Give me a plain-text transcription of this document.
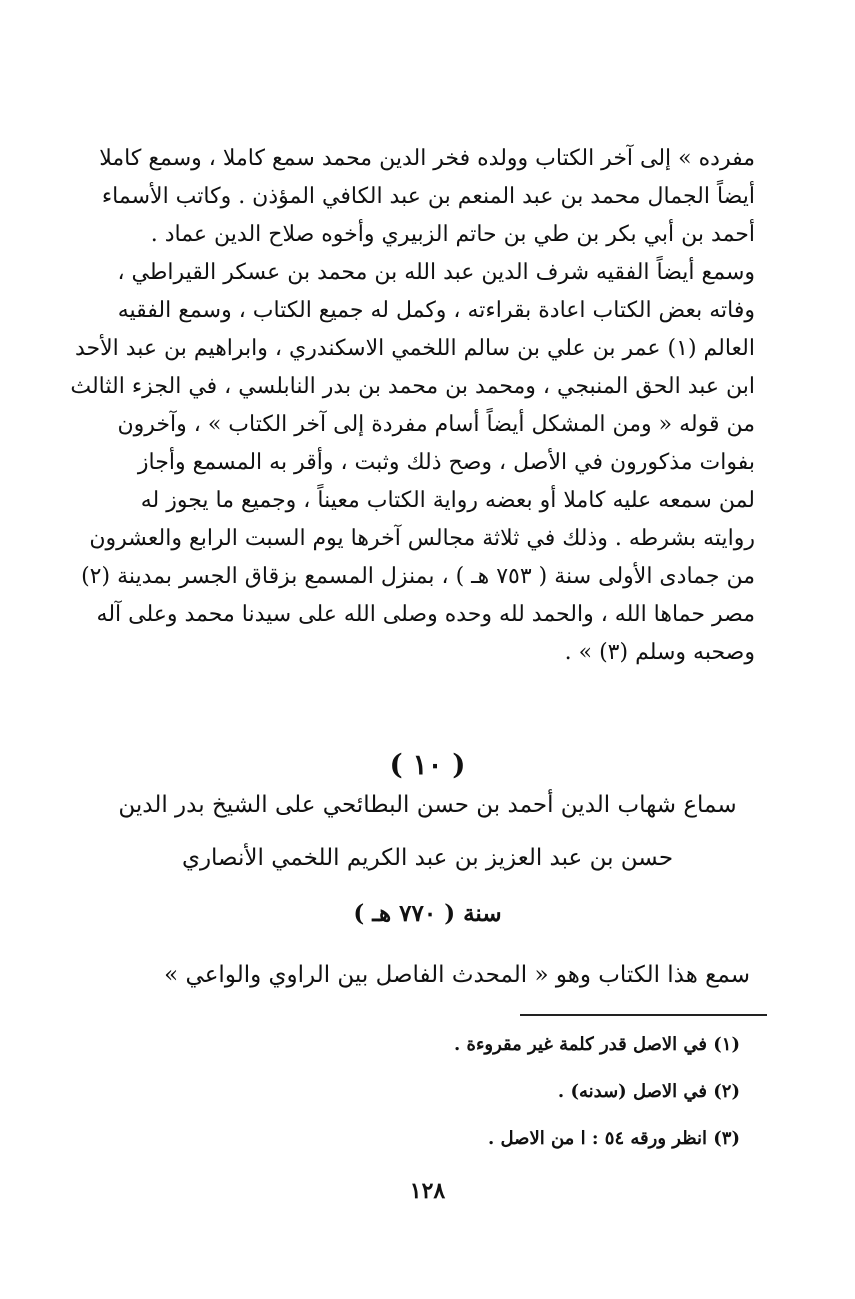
مفرده » إلى آخر الكتاب وولده فخر الدين محمد سمع كاملا ، وسمع كاملا
أيضاً الجمال محمد بن عبد المنعم بن عبد الكافي المؤذن . وكاتب الأسماء
أحمد بن أبي بكر بن طي بن حاتم الزبيري وأخوه صلاح الدين عماد .
وسمع أيضاً الفقيه شرف الدين عبد الله بن محمد بن عسكر القيراطي ،
وفاته بعض الكتاب اعادة بقراءته ، وكمل له جميع الكتاب ، وسمع الفقيه
العالم (١) عمر بن علي بن سالم اللخمي الاسكندري ، وابراهيم بن عبد الأحد
ابن عبد الحق المنبجي ، ومحمد بن محمد بن بدر النابلسي ، في الجزء الثالث
من قوله « ومن المشكل أيضاً أسام مفردة إلى آخر الكتاب » ، وآخرون
بفوات مذكورون في الأصل ، وصح ذلك وثبت ، وأقر به المسمع وأجاز
لمن سمعه عليه كاملا أو بعضه رواية الكتاب معيناً ، وجميع ما يجوز له
روايته بشرطه . وذلك في ثلاثة مجالس آخرها يوم السبت الرابع والعشرون
من جمادى الأولى سنة ( ٧٥٣ هـ ) ، بمنزل المسمع بزقاق الجسر بمدينة (٢)
مصر حماها الله ، والحمد لله وحده وصلى الله على سيدنا محمد وعلى آله
وصحبه وسلم (٣) » .
( ١٠ )
سماع شهاب الدين أحمد بن حسن البطائحي على الشيخ بدر الدين
حسن بن عبد العزيز بن عبد الكريم اللخمي الأنصاري
سنة ( ٧٧٠ هـ )
سمع هذا الكتاب وهو « المحدث الفاصل بين الراوي والواعي »
(١) في الاصل قدر كلمة غير مقروءة .
(٢) في الاصل (سدنه) .
(٣) انظر ورقه ٥٤ : ا من الاصل .
١٢٨
